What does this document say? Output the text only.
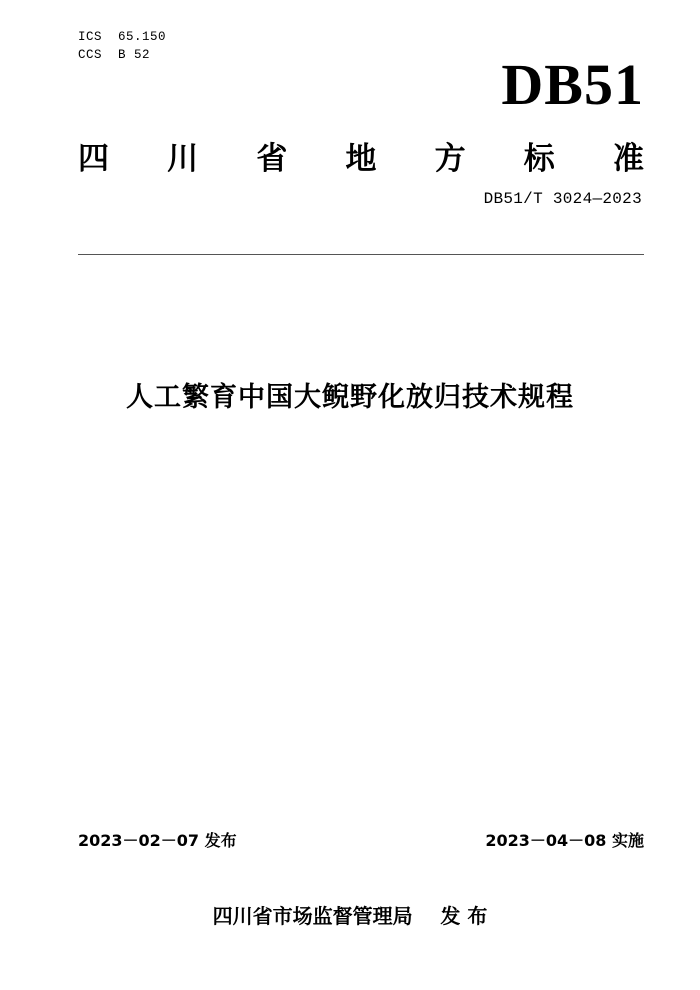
ICS  65.150
CCS  B 52	DB51
四 川 省 地 方 标 准
DB51/T 3024—2023
人工繁育中国大鲵野化放归技术规程
2023－02－07 发布	2023－04－08 实施
四川省市场监督管理局    发 布
